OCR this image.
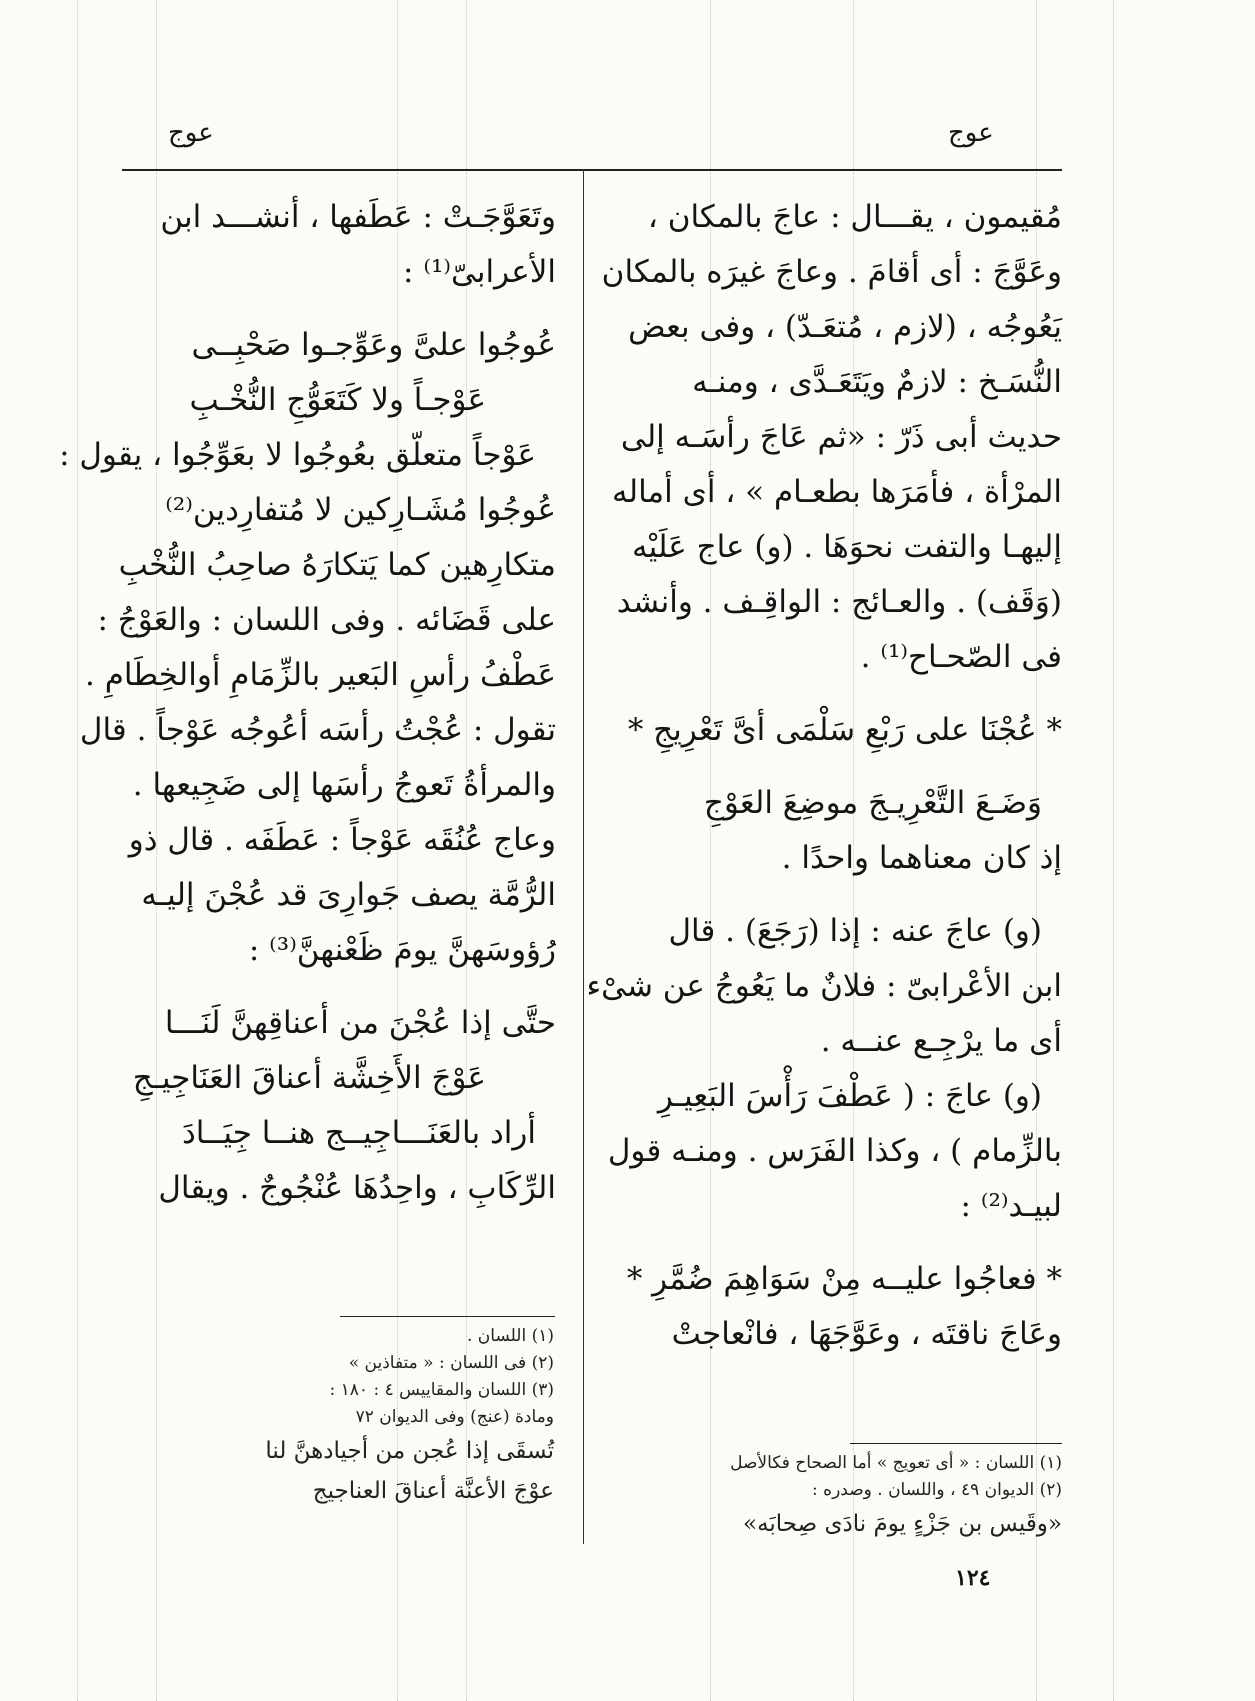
عوج
عوج

مُقيمون ، يقـــال : عاجَ بالمكان ،

وعَوَّجَ : أى أقامَ . وعاجَ غيرَه بالمكان

يَعُوجُه ، (لازم ، مُتعَـدّ) ، وفى بعض

النُّسَـخ : لازمٌ ويَتَعَـدَّى ، ومنـه

حديث أبى ذَرّ : «ثم عَاجَ رأسَـه إلى

المرْأة ، فأمَرَها بطعـام » ، أى أماله

إليهـا والتفت نحوَهَا . (و) عاج عَلَيْه

(وَقَف) . والعـائج : الواقِـف . وأنشد

فى الصّحـاح⁽¹⁾ .

* عُجْنَا على رَبْعِ سَلْمَى أىَّ تَعْرِيجِ *

وَضَـعَ التَّعْرِيـجَ موضِعَ العَوْجِ

إذ كان معناهما واحدًا .

(و) عاجَ عنه : إذا (رَجَعَ) . قال

ابن الأعْرابىّ : فلانٌ ما يَعُوجُ عن شىْء

أى ما يرْجِـع عنــه .

(و) عاجَ : ( عَطْفَ رَأْسَ البَعِيـرِ

بالزِّمام ) ، وكذا الفَرَس . ومنـه قول

لبيـد⁽²⁾ :

* فعاجُوا عليــه مِنْ سَوَاهِمَ ضُمَّرِ *

وعَاجَ ناقتَه ، وعَوَّجَهَا ، فانْعاجتْ

وتَعَوَّجَـتْ : عَطَفها ، أنشـــد ابن

الأعرابىّ⁽¹⁾ :

عُوجُوا علىَّ وعَوِّجـوا صَحْبِــى

عَوْجـاً ولا كَتَعَوُّجِ النُّخْـبِ

عَوْجاً متعلّق بعُوجُوا لا بعَوِّجُوا ، يقول :

عُوجُوا مُشَـارِكين لا مُتفارِدين⁽²⁾

متكارِهين كما يَتكارَهُ صاحِبُ النُّخْبِ

على قَضَائه . وفى اللسان : والعَوْجُ :

عَطْفُ رأسِ البَعير بالزِّمَامِ أوالخِطَامِ .

تقول : عُجْتُ رأسَه أعُوجُه عَوْجاً . قال

والمرأةُ تَعوجُ رأسَها إلى ضَجِيعها .

وعاج عُنُقَه عَوْجاً : عَطَفَه . قال ذو

الرُّمَّة يصف جَوارِىَ قد عُجْنَ إليـه

رُؤوسَهنَّ يومَ ظَعْنهنَّ⁽³⁾ :

حتَّى إذا عُجْنَ من أعناقِهنَّ لَنَـــا

عَوْجَ الأَخِشَّة أعناقَ العَنَاجِيـجِ

أراد بالعَنَـــاجِيــج هنــا جِيَــادَ

الرِّكَابِ ، واحِدُهَا عُنْجُوجٌ . ويقال

(١) اللسان : « أى تعويج » أما الصحاح فكالأصل

(٢) الديوان ٤٩ ، واللسان . وصدره :

«وقَيس بن جَزْءٍ يومَ نادَى صِحابَه»

(١) اللسان .

(٢) فى اللسان : « متفاذين »

(٣) اللسان والمقاييس ٤ : ١٨٠ : ومادة (عنج) وفى الديوان ٧٢

تُسقَى إذا عُجن من أجيادهنَّ لنا

عوْجَ الأعنَّة أعناقَ العناجيج

١٢٤
